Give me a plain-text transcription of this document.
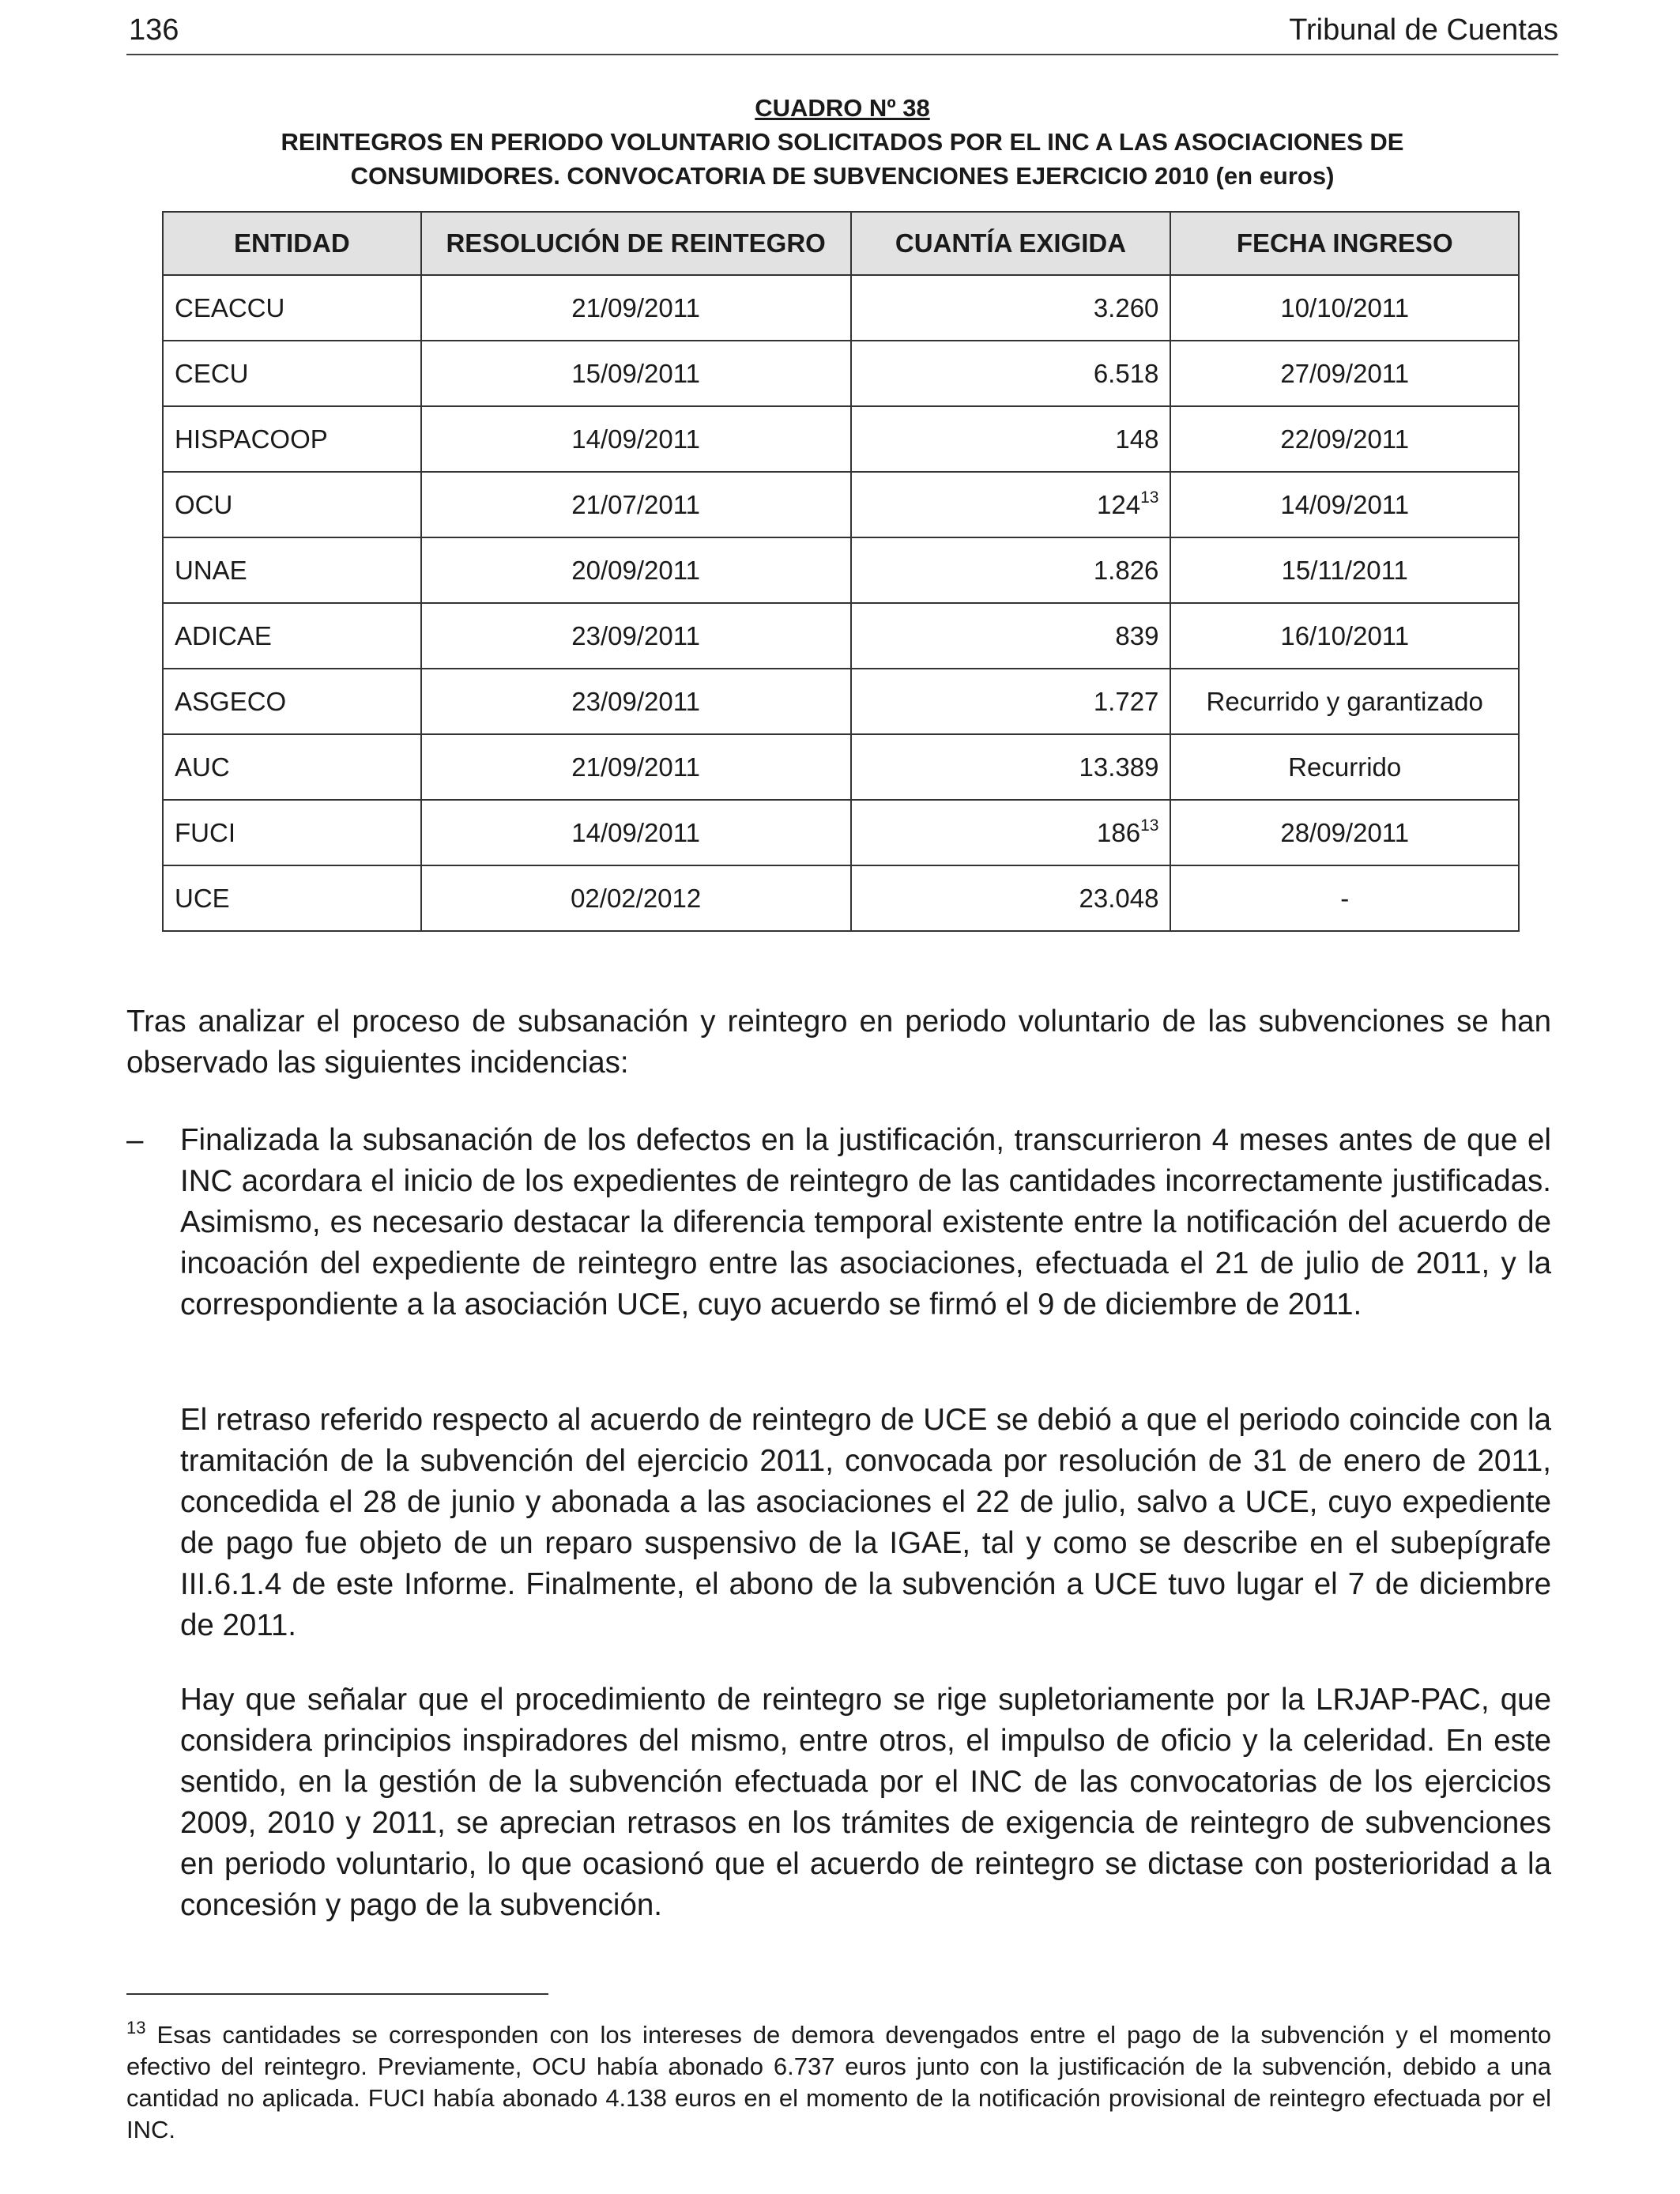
136	Tribunal de Cuentas
CUADRO Nº 38
REINTEGROS EN PERIODO VOLUNTARIO SOLICITADOS POR EL INC A LAS ASOCIACIONES DE
CONSUMIDORES. CONVOCATORIA DE SUBVENCIONES EJERCICIO 2010 (en euros)
ENTIDAD	RESOLUCIÓN DE REINTEGRO	CUANTÍA EXIGIDA	FECHA INGRESO
CEACCU	21/09/2011	3.260	10/10/2011
CECU	15/09/2011	6.518	27/09/2011
HISPACOOP	14/09/2011	148	22/09/2011
OCU	21/07/2011	$124^{13}$	14/09/2011
UNAE	20/09/2011	1.826	15/11/2011
ADICAE	23/09/2011	839	16/10/2011
ASGECO	23/09/2011	1.727	Recurrido y garantizado
AUC	21/09/2011	13.389	Recurrido
FUCI	14/09/2011	$186^{13}$	28/09/2011
UCE	02/02/2012	23.048	-

Tras analizar el proceso de subsanación y reintegro en periodo voluntario de las subvenciones se han observado las siguientes incidencias:

– Finalizada la subsanación de los defectos en la justificación, transcurrieron 4 meses antes de que el INC acordara el inicio de los expedientes de reintegro de las cantidades incorrectamente justificadas. Asimismo, es necesario destacar la diferencia temporal existente entre la notificación del acuerdo de incoación del expediente de reintegro entre las asociaciones, efectuada el 21 de julio de 2011, y la correspondiente a la asociación UCE, cuyo acuerdo se firmó el 9 de diciembre de 2011.

El retraso referido respecto al acuerdo de reintegro de UCE se debió a que el periodo coincide con la tramitación de la subvención del ejercicio 2011, convocada por resolución de 31 de enero de 2011, concedida el 28 de junio y abonada a las asociaciones el 22 de julio, salvo a UCE, cuyo expediente de pago fue objeto de un reparo suspensivo de la IGAE, tal y como se describe en el subepígrafe III.6.1.4 de este Informe. Finalmente, el abono de la subvención a UCE tuvo lugar el 7 de diciembre de 2011.

Hay que señalar que el procedimiento de reintegro se rige supletoriamente por la LRJAP-PAC, que considera principios inspiradores del mismo, entre otros, el impulso de oficio y la celeridad. En este sentido, en la gestión de la subvención efectuada por el INC de las convocatorias de los ejercicios 2009, 2010 y 2011, se aprecian retrasos en los trámites de exigencia de reintegro de subvenciones en periodo voluntario, lo que ocasionó que el acuerdo de reintegro se dictase con posterioridad a la concesión y pago de la subvención.

$^{13}$ Esas cantidades se corresponden con los intereses de demora devengados entre el pago de la subvención y el momento efectivo del reintegro. Previamente, OCU había abonado 6.737 euros junto con la justificación de la subvención, debido a una cantidad no aplicada. FUCI había abonado 4.138 euros en el momento de la notificación provisional de reintegro efectuada por el INC.
